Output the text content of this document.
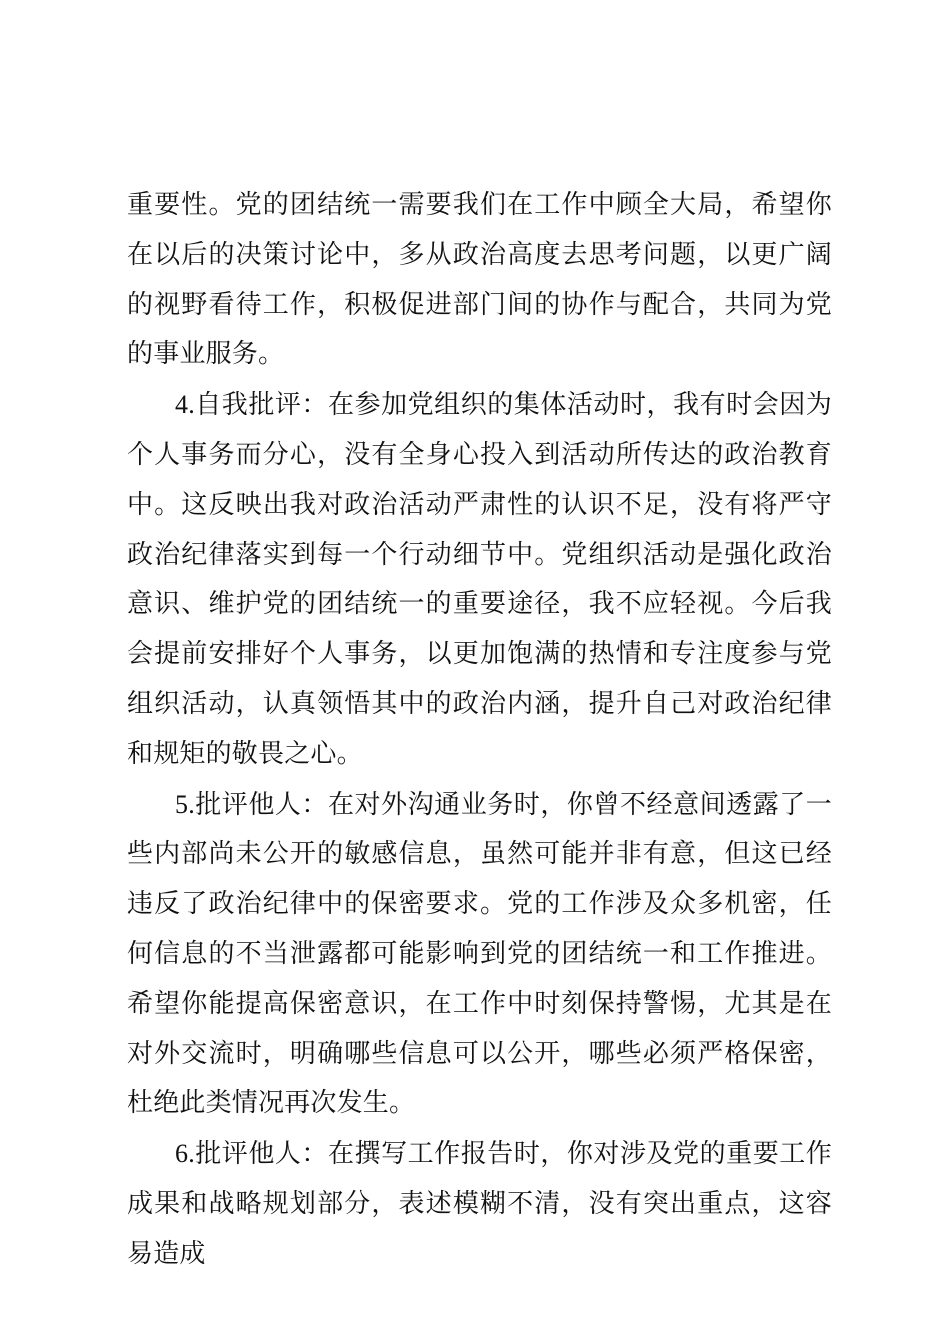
重要性。党的团结统一需要我们在工作中顾全大局，希望你在以后的决策讨论中，多从政治高度去思考问题，以更广阔的视野看待工作，积极促进部门间的协作与配合，共同为党的事业服务。

4.自我批评：在参加党组织的集体活动时，我有时会因为个人事务而分心，没有全身心投入到活动所传达的政治教育中。这反映出我对政治活动严肃性的认识不足，没有将严守政治纪律落实到每一个行动细节中。党组织活动是强化政治意识、维护党的团结统一的重要途径，我不应轻视。今后我会提前安排好个人事务，以更加饱满的热情和专注度参与党组织活动，认真领悟其中的政治内涵，提升自己对政治纪律和规矩的敬畏之心。

5.批评他人：在对外沟通业务时，你曾不经意间透露了一些内部尚未公开的敏感信息，虽然可能并非有意，但这已经违反了政治纪律中的保密要求。党的工作涉及众多机密，任何信息的不当泄露都可能影响到党的团结统一和工作推进。希望你能提高保密意识，在工作中时刻保持警惕，尤其是在对外交流时，明确哪些信息可以公开，哪些必须严格保密，杜绝此类情况再次发生。

6.批评他人：在撰写工作报告时，你对涉及党的重要工作成果和战略规划部分，表述模糊不清，没有突出重点，这容易造成
